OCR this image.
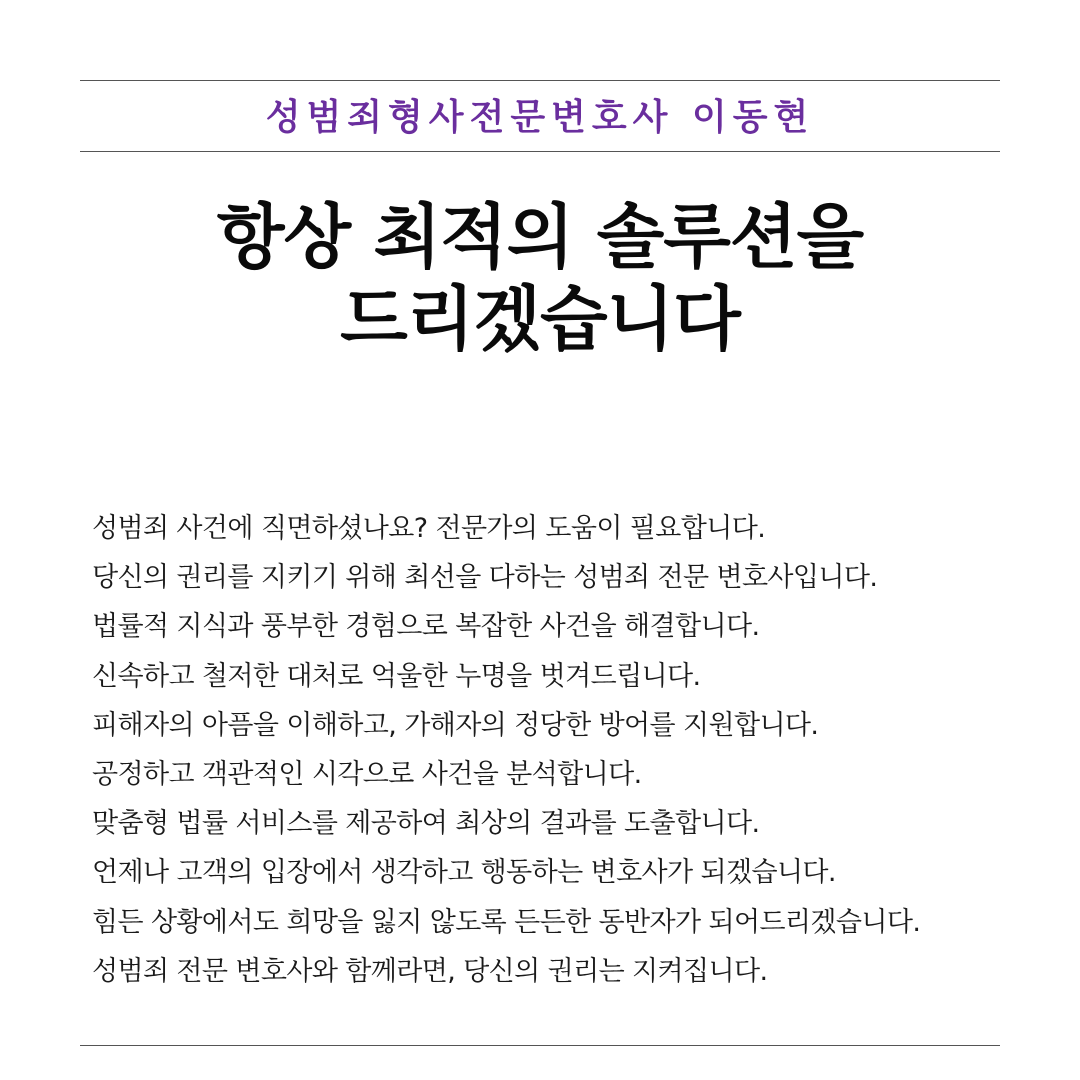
성범죄형사전문변호사 이동현
항상 최적의 솔루션을
드리겠습니다
성범죄 사건에 직면하셨나요? 전문가의 도움이 필요합니다.
당신의 권리를 지키기 위해 최선을 다하는 성범죄 전문 변호사입니다.
법률적 지식과 풍부한 경험으로 복잡한 사건을 해결합니다.
신속하고 철저한 대처로 억울한 누명을 벗겨드립니다.
피해자의 아픔을 이해하고, 가해자의 정당한 방어를 지원합니다.
공정하고 객관적인 시각으로 사건을 분석합니다.
맞춤형 법률 서비스를 제공하여 최상의 결과를 도출합니다.
언제나 고객의 입장에서 생각하고 행동하는 변호사가 되겠습니다.
힘든 상황에서도 희망을 잃지 않도록 든든한 동반자가 되어드리겠습니다.
성범죄 전문 변호사와 함께라면, 당신의 권리는 지켜집니다.
